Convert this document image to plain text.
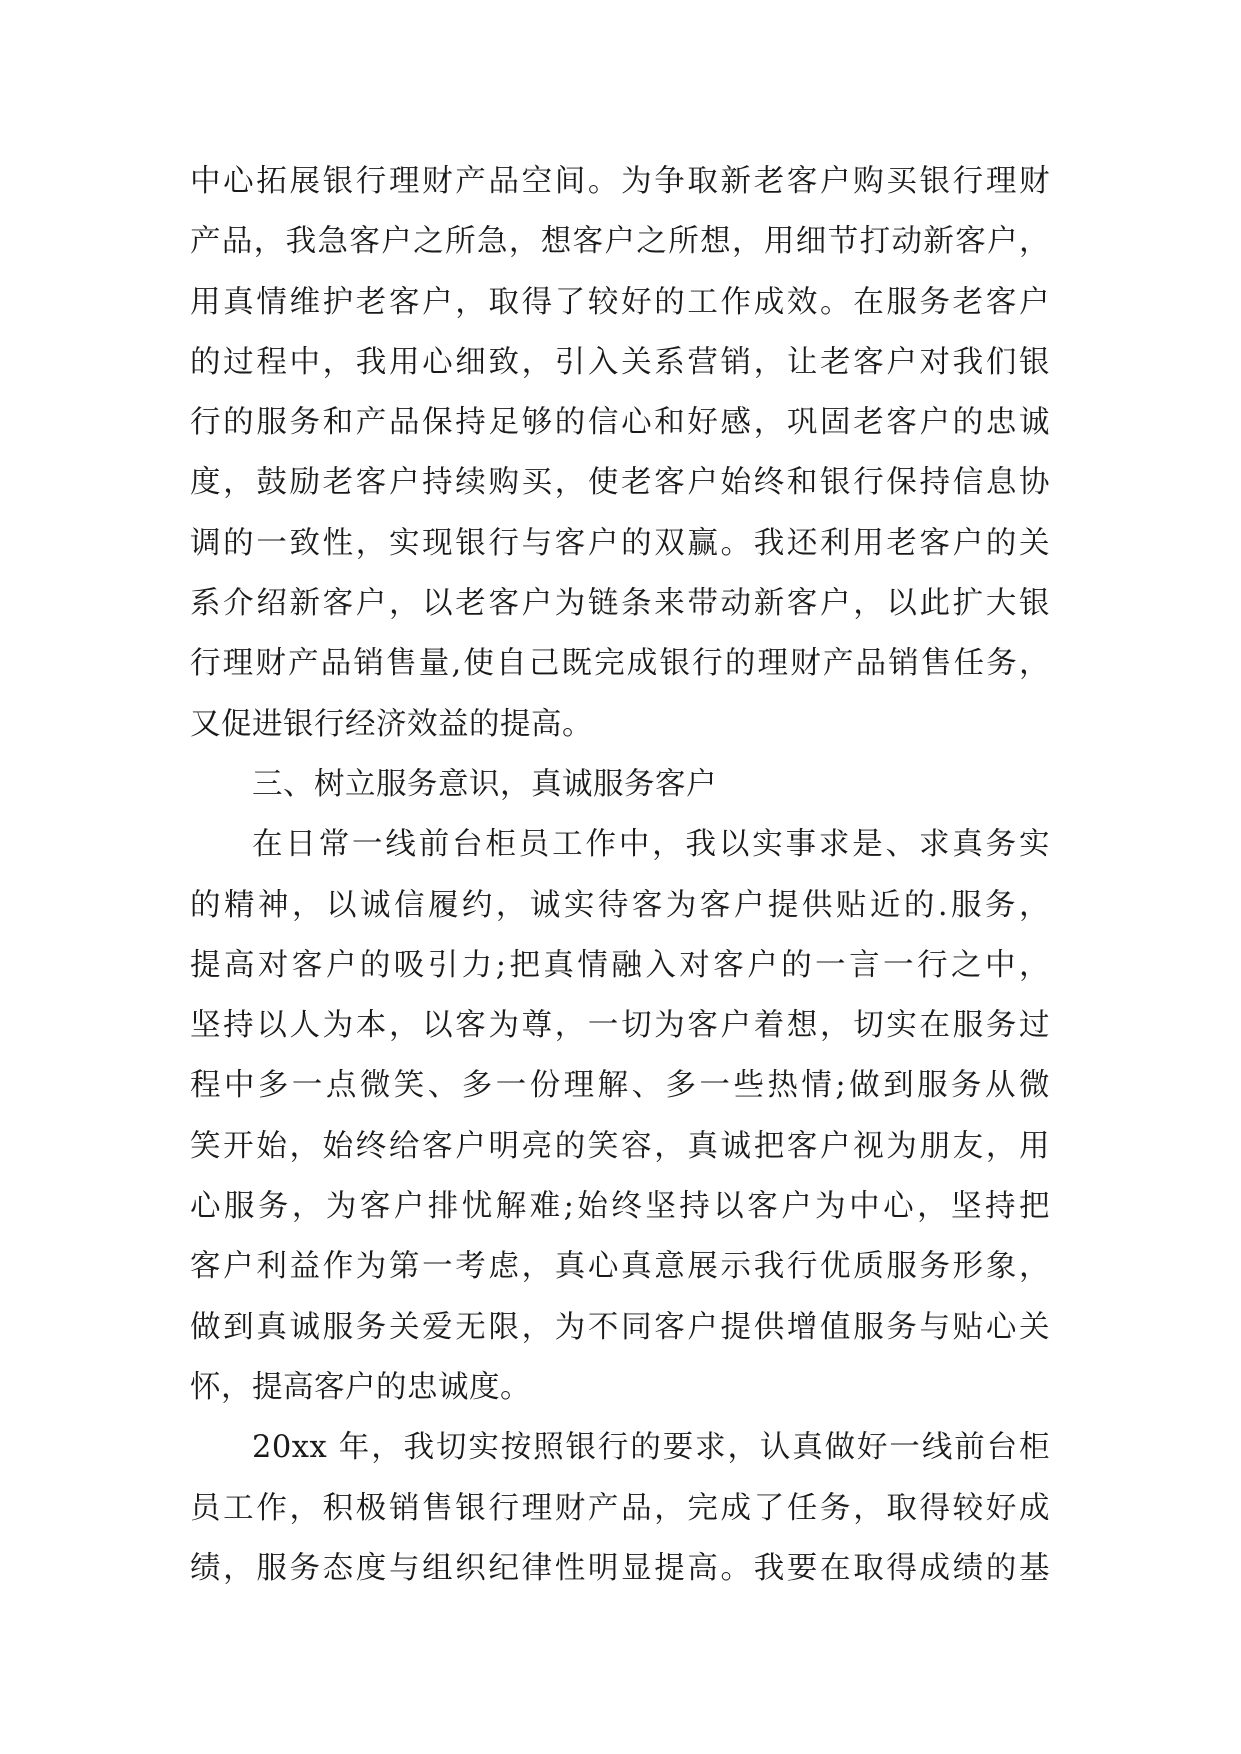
中心拓展银行理财产品空间。为争取新老客户购买银行理财
产品，我急客户之所急，想客户之所想，用细节打动新客户，
用真情维护老客户，取得了较好的工作成效。在服务老客户
的过程中，我用心细致，引入关系营销，让老客户对我们银
行的服务和产品保持足够的信心和好感，巩固老客户的忠诚
度，鼓励老客户持续购买，使老客户始终和银行保持信息协
调的一致性，实现银行与客户的双赢。我还利用老客户的关
系介绍新客户，以老客户为链条来带动新客户，以此扩大银
行理财产品销售量,使自己既完成银行的理财产品销售任务，
又促进银行经济效益的提高。
三、树立服务意识，真诚服务客户
在日常一线前台柜员工作中，我以实事求是、求真务实
的精神，以诚信履约，诚实待客为客户提供贴近的.服务，
提高对客户的吸引力;把真情融入对客户的一言一行之中，
坚持以人为本，以客为尊，一切为客户着想，切实在服务过
程中多一点微笑、多一份理解、多一些热情;做到服务从微
笑开始，始终给客户明亮的笑容，真诚把客户视为朋友，用
心服务，为客户排忧解难;始终坚持以客户为中心，坚持把
客户利益作为第一考虑，真心真意展示我行优质服务形象，
做到真诚服务关爱无限，为不同客户提供增值服务与贴心关
怀，提高客户的忠诚度。
20xx 年，我切实按照银行的要求，认真做好一线前台柜
员工作，积极销售银行理财产品，完成了任务，取得较好成
绩，服务态度与组织纪律性明显提高。我要在取得成绩的基
